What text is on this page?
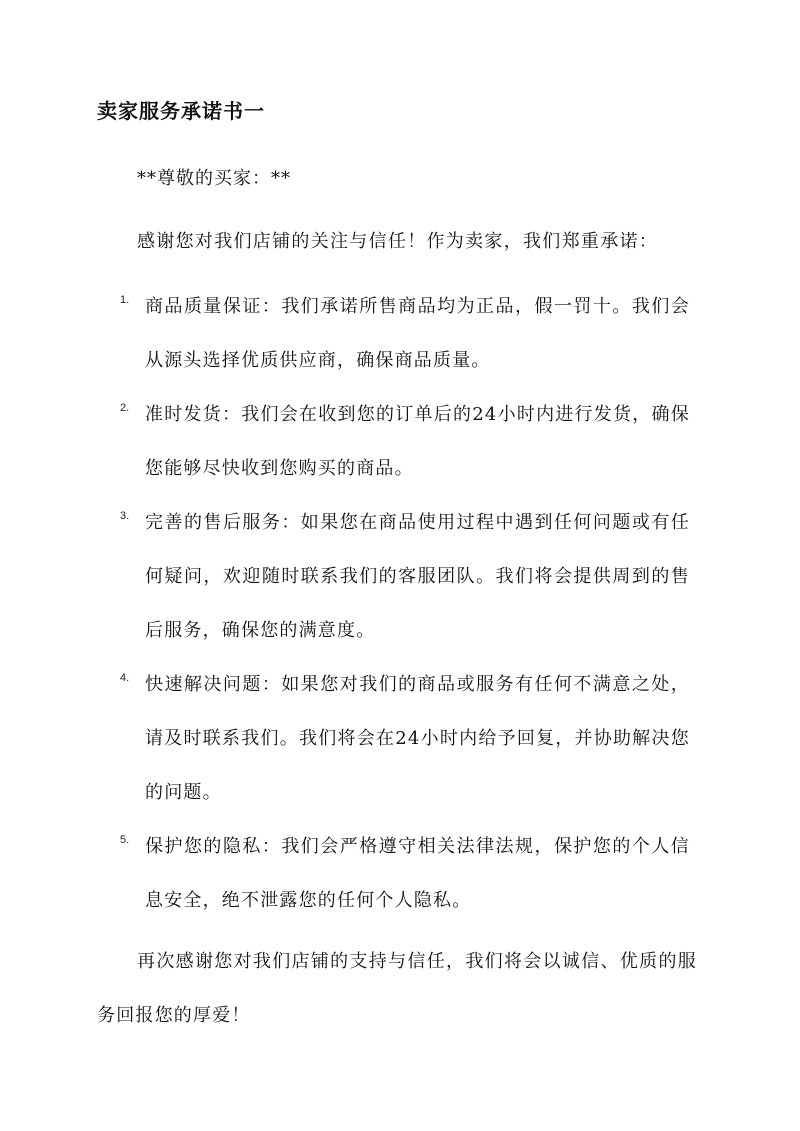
卖家服务承诺书一
**尊敬的买家：**
感谢您对我们店铺的关注与信任！作为卖家，我们郑重承诺：
1. 商品质量保证：我们承诺所售商品均为正品，假一罚十。我们会从源头选择优质供应商，确保商品质量。
2. 准时发货：我们会在收到您的订单后的24小时内进行发货，确保您能够尽快收到您购买的商品。
3. 完善的售后服务：如果您在商品使用过程中遇到任何问题或有任何疑问，欢迎随时联系我们的客服团队。我们将会提供周到的售后服务，确保您的满意度。
4. 快速解决问题：如果您对我们的商品或服务有任何不满意之处，请及时联系我们。我们将会在24小时内给予回复，并协助解决您的问题。
5. 保护您的隐私：我们会严格遵守相关法律法规，保护您的个人信息安全，绝不泄露您的任何个人隐私。
再次感谢您对我们店铺的支持与信任，我们将会以诚信、优质的服务回报您的厚爱！
